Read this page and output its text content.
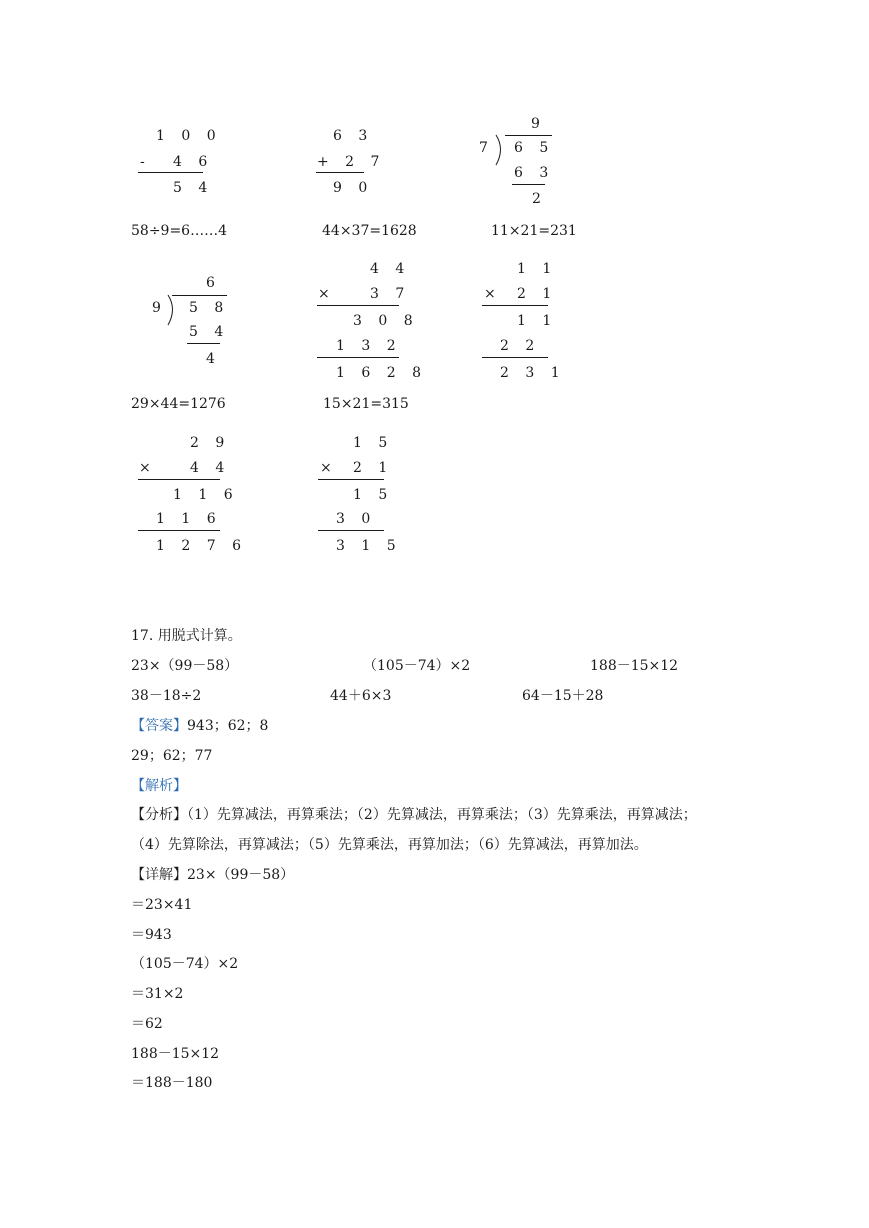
1 0 0
- 4 6
5 4
6 3
+ 2 7
9 0
9
7 6 5
6 3
2
58÷9=6……4	44×37=1628	11×21=231
6
9 5 8
5 4
4
4 4
×	3 7
3 0 8
1 3 2
1 6 2 8
1 1
× 2 1
1 1
2 2
2 3 1
29×44=1276	15×21=315
2 9
×	4 4
1 1 6
1 1 6
1 2 7 6
1 5
× 2 1
1 5
3 0
3 1 5
17. 用脱式计算。
23×（99－58）	（105－74）×2	188－15×12
38－18÷2	44＋6×3	64－15＋28
【答案】943；62；8
29；62；77
【解析】
【分析】（1）先算减法，再算乘法；（2）先算减法，再算乘法；（3）先算乘法，再算减法；
（4）先算除法，再算减法；（5）先算乘法，再算加法；（6）先算减法，再算加法。
【详解】23×（99－58）
＝23×41
＝943
（105－74）×2
＝31×2
＝62
188－15×12
＝188－180
